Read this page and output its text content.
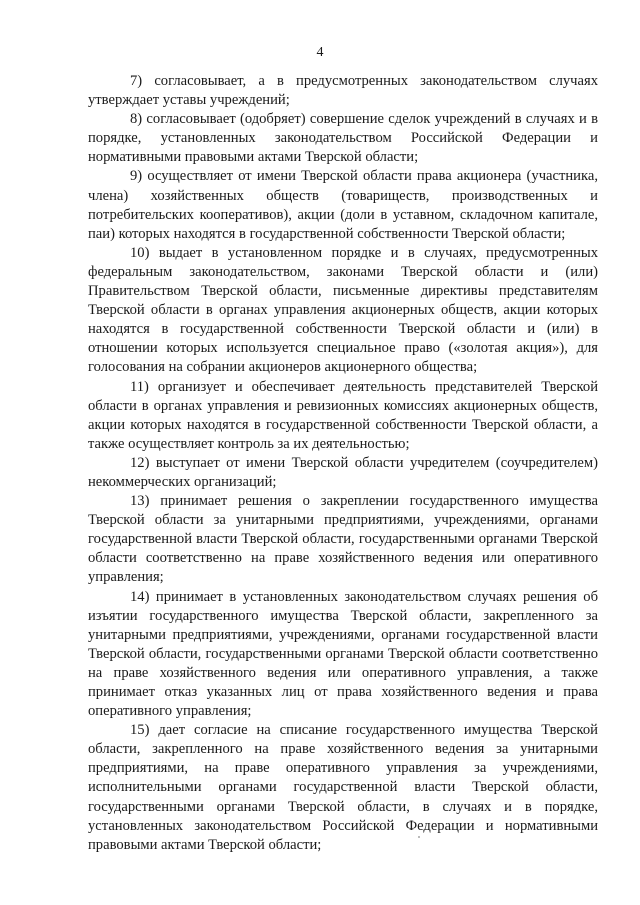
4

7) согласовывает, а в предусмотренных законодательством случаях утверждает уставы учреждений;

8) согласовывает (одобряет) совершение сделок учреждений в случаях и в порядке, установленных законодательством Российской Федерации и нормативными правовыми актами Тверской области;

9) осуществляет от имени Тверской области права акционера (участника, члена) хозяйственных обществ (товариществ, производственных и потребительских кооперативов), акции (доли в уставном, складочном капитале, паи) которых находятся в государственной собственности Тверской области;

10) выдает в установленном порядке и в случаях, предусмотренных федеральным законодательством, законами Тверской области и (или) Правительством Тверской области, письменные директивы представителям Тверской области в органах управления акционерных обществ, акции которых находятся в государственной собственности Тверской области и (или) в отношении которых используется специальное право («золотая акция»), для голосования на собрании акционеров акционерного общества;

11) организует и обеспечивает деятельность представителей Тверской области в органах управления и ревизионных комиссиях акционерных обществ, акции которых находятся в государственной собственности Тверской области, а также осуществляет контроль за их деятельностью;

12) выступает от имени Тверской области учредителем (соучредителем) некоммерческих организаций;

13) принимает решения о закреплении государственного имущества Тверской области за унитарными предприятиями, учреждениями, органами государственной власти Тверской области, государственными органами Тверской области соответственно на праве хозяйственного ведения или оперативного управления;

14) принимает в установленных законодательством случаях решения об изъятии государственного имущества Тверской области, закрепленного за унитарными предприятиями, учреждениями, органами государственной власти Тверской области, государственными органами Тверской области соответственно на праве хозяйственного ведения или оперативного управления, а также принимает отказ указанных лиц от права хозяйственного ведения и права оперативного управления;

15) дает согласие на списание государственного имущества Тверской области, закрепленного на праве хозяйственного ведения за унитарными предприятиями, на праве оперативного управления за учреждениями, исполнительными органами государственной власти Тверской области, государственными органами Тверской области, в случаях и в порядке, установленных законодательством Российской Федерации и нормативными правовыми актами Тверской области;
